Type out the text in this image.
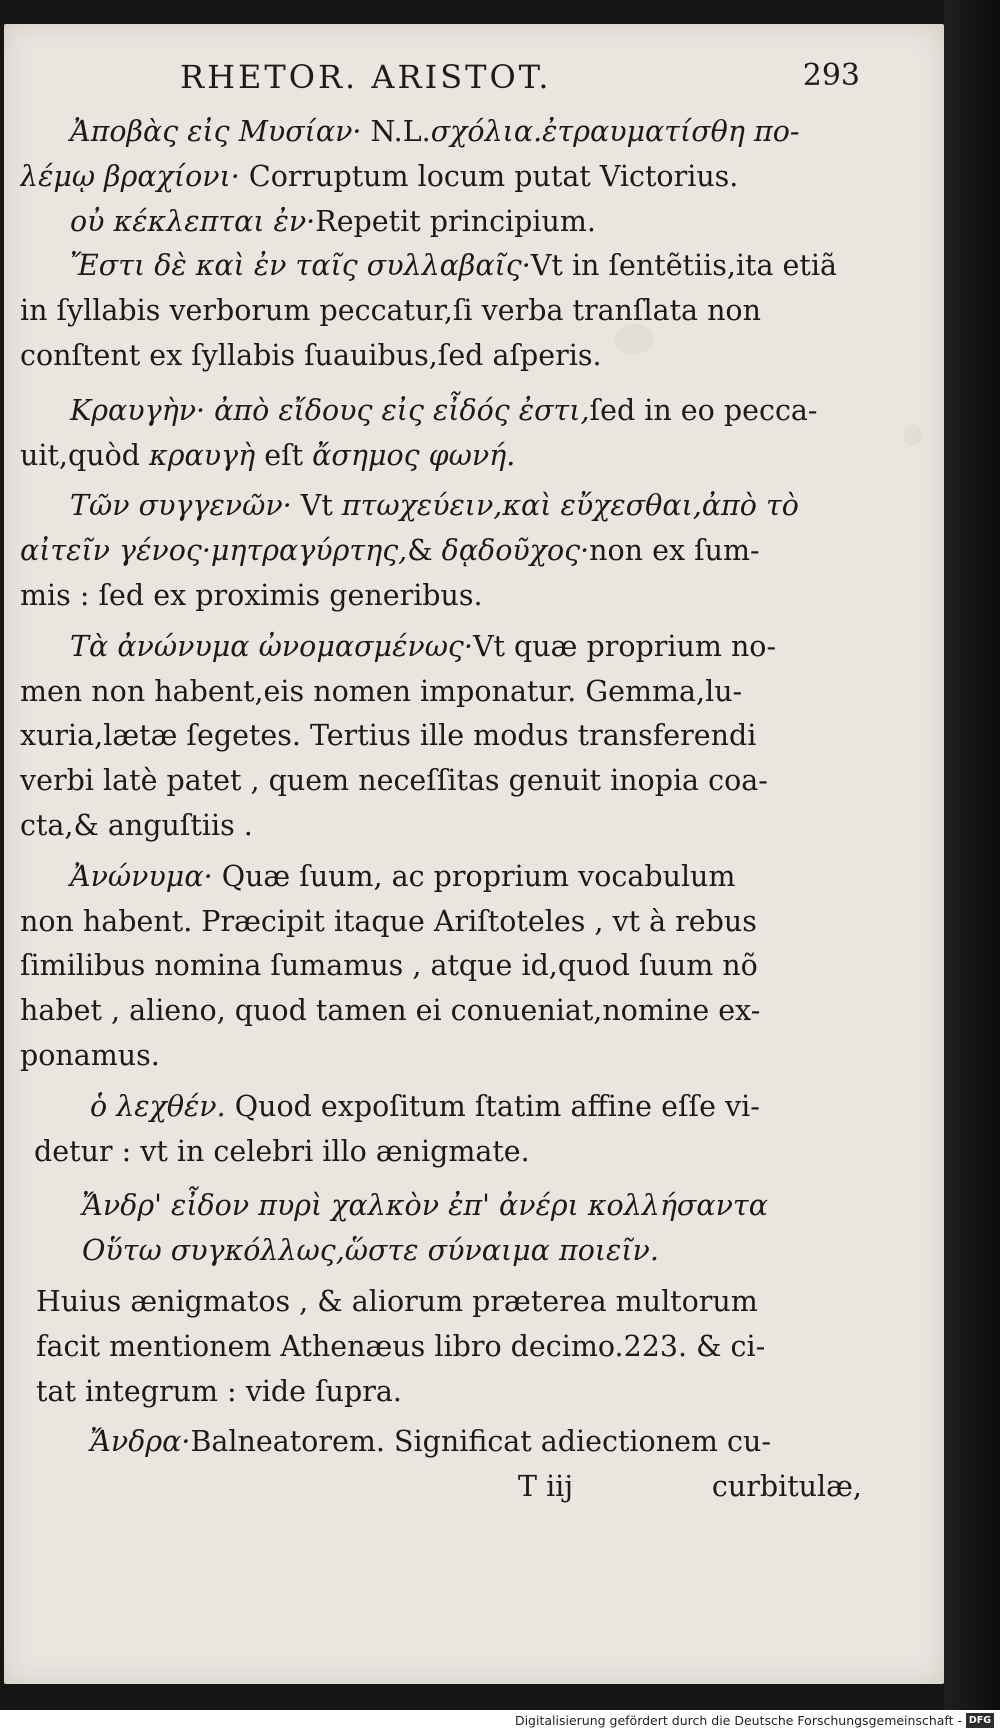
RHETOR. ARISTOT.	293
Ἀποβὰς εἰς Μυσίαν· N.L.σχόλια.ἐτραυματίσθη πο-
λέμῳ βραχίονι· Corruptum locum putat Victorius.
οὐ κέκλεπται ἐν·Repetit principium.
Ἔστι δὲ καὶ ἐν ταῖς συλλαβαῖς·Vt in ſentẽtiis,ita etiã
in ſyllabis verborum peccatur,ſi verba tranſlata non
conſtent ex ſyllabis ſuauibus,ſed aſperis.
Κραυγὴν· ἀπὸ εἴδους εἰς εἶδός ἐστι,ſed in eo pecca-
uit,quòd κραυγὴ eſt ἄσημος φωνή.
Τῶν συγγενῶν· Vt πτωχεύειν,καὶ εὔχεσθαι,ἀπὸ τὸ
αἰτεῖν γένος·μητραγύρτης,& δᾳδοῦχος·non ex ſum-
mis : ſed ex proximis generibus.
Τὰ ἀνώνυμα ὠνομασμένως·Vt quæ proprium no-
men non habent,eis nomen imponatur. Gemma,lu-
xuria,lætæ ſegetes. Tertius ille modus transferendi
verbi latè patet , quem neceſſitas genuit inopia coa-
cta,& anguſtiis .
Ἀνώνυμα· Quæ ſuum, ac proprium vocabulum
non habent. Præcipit itaque Ariſtoteles , vt à rebus
ſimilibus nomina ſumamus , atque id,quod ſuum nõ
habet , alieno, quod tamen ei conueniat,nomine ex-
ponamus.
ὁ λεχθέν. Quod expoſitum ſtatim affine eſſe vi-
detur : vt in celebri illo ænigmate.
Ἄνδρ' εἶδον πυρὶ χαλκὸν ἐπ' ἀνέρι κολλήσαντα
Οὕτω συγκόλλως,ὥστε σύναιμα ποιεῖν.
Huius ænigmatos , & aliorum præterea multorum
facit mentionem Athenæus libro decimo.223. & ci-
tat integrum : vide ſupra.
Ἄνδρα·Balneatorem. Significat adiectionem cu-
T iij	curbitulæ,
Digitalisierung gefördert durch die Deutsche Forschungsgemeinschaft - DFG
